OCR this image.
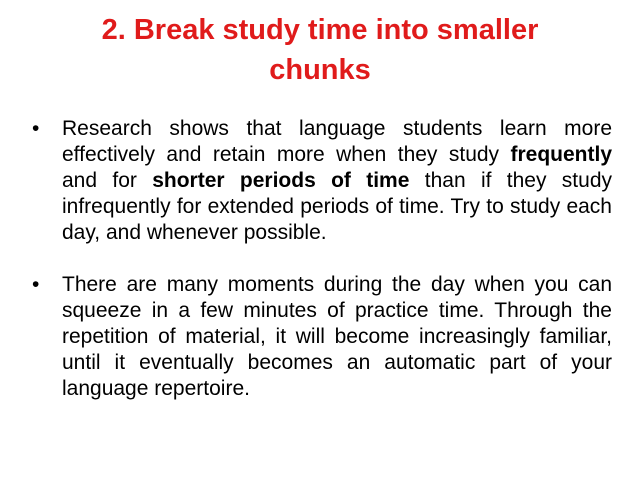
2. Break study time into smaller
chunks
•	Research shows that language students learn more effectively and retain more when they study frequently and for shorter periods of time than if they study infrequently for extended periods of time. Try to study each day, and whenever possible.
•	There are many moments during the day when you can squeeze in a few minutes of practice time. Through the repetition of material, it will become increasingly familiar, until it eventually becomes an automatic part of your language repertoire.
